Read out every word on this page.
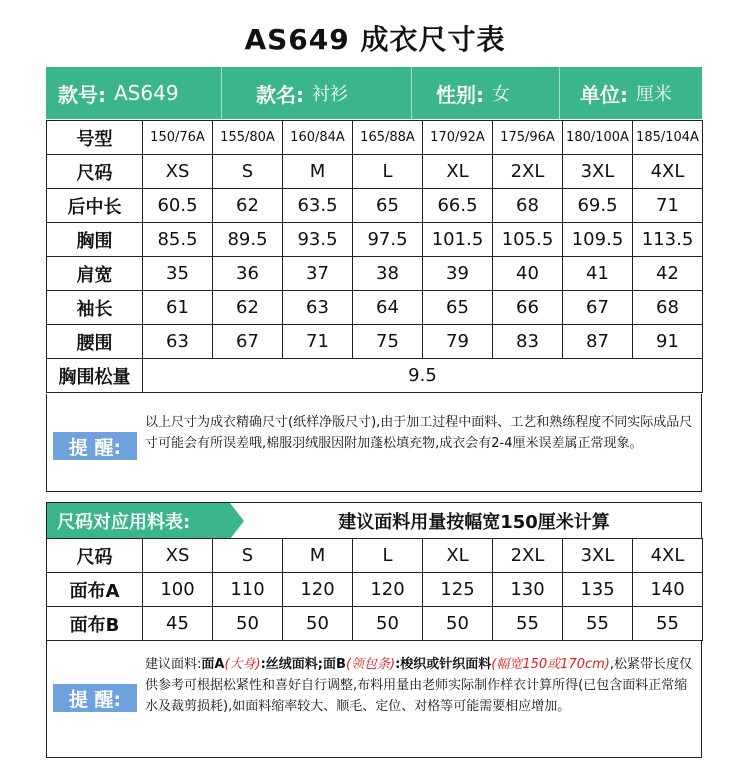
AS649 成衣尺寸表
款号: AS649	款名: 衬衫	性别: 女	单位: 厘米
号型	150/76A	155/80A	160/84A	165/88A	170/92A	175/96A	180/100A	185/104A
尺码	XS	S	M	L	XL	2XL	3XL	4XL
后中长	60.5	62	63.5	65	66.5	68	69.5	71
胸围	85.5	89.5	93.5	97.5	101.5	105.5	109.5	113.5
肩宽	35	36	37	38	39	40	41	42
袖长	61	62	63	64	65	66	67	68
腰围	63	67	71	75	79	83	87	91
胸围松量	9.5							
提 醒:
以上尺寸为成衣精确尺寸(纸样净版尺寸),由于加工过程中面料、工艺和熟练程度不同实际成品尺寸可能会有所误差哦,棉服羽绒服因附加蓬松填充物,成衣会有2-4厘米误差属正常现象。
尺码对应用料表:	建议面料用量按幅宽150厘米计算
尺码	XS	S	M	L	XL	2XL	3XL	4XL
面布A	100	110	120	120	125	130	135	140
面布B	45	50	50	50	50	55	55	55
提 醒:
建议面料:面A(大身):丝绒面料;面B(领包条):梭织或针织面料(幅宽150或170cm),松紧带长度仅供参考可根据松紧性和喜好自行调整,布料用量由老师实际制作样衣计算所得(已包含面料正常缩水及裁剪损耗),如面料缩率较大、顺毛、定位、对格等可能需要相应增加。
